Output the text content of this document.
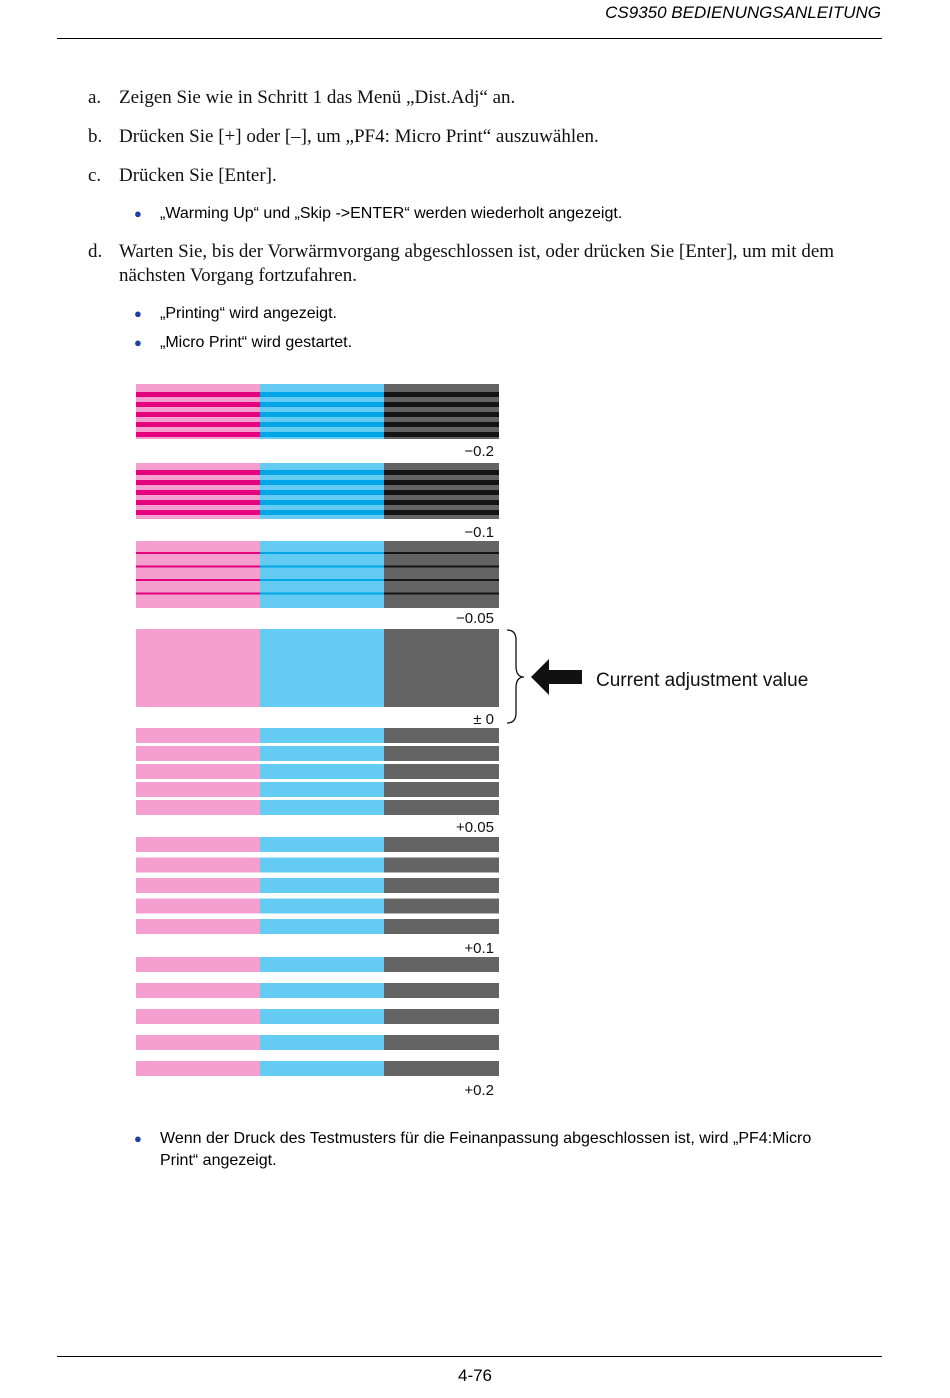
CS9350 BEDIENUNGSANLEITUNG
a. Zeigen Sie wie in Schritt 1 das Menü „Dist.Adj“ an.
b. Drücken Sie [+] oder [–], um „PF4: Micro Print“ auszuwählen.
c. Drücken Sie [Enter].
● „Warming Up“ und „Skip ->ENTER“ werden wiederholt angezeigt.
d. Warten Sie, bis der Vorwärmvorgang abgeschlossen ist, oder drücken Sie [Enter], um mit dem nächsten Vorgang fortzufahren.
● „Printing“ wird angezeigt.
● „Micro Print“ wird gestartet.
−0.2
−0.1
−0.05
± 0
+0.05
+0.1
+0.2
Current adjustment value
● Wenn der Druck des Testmusters für die Feinanpassung abgeschlossen ist, wird „PF4:Micro Print“ angezeigt.
4-76
